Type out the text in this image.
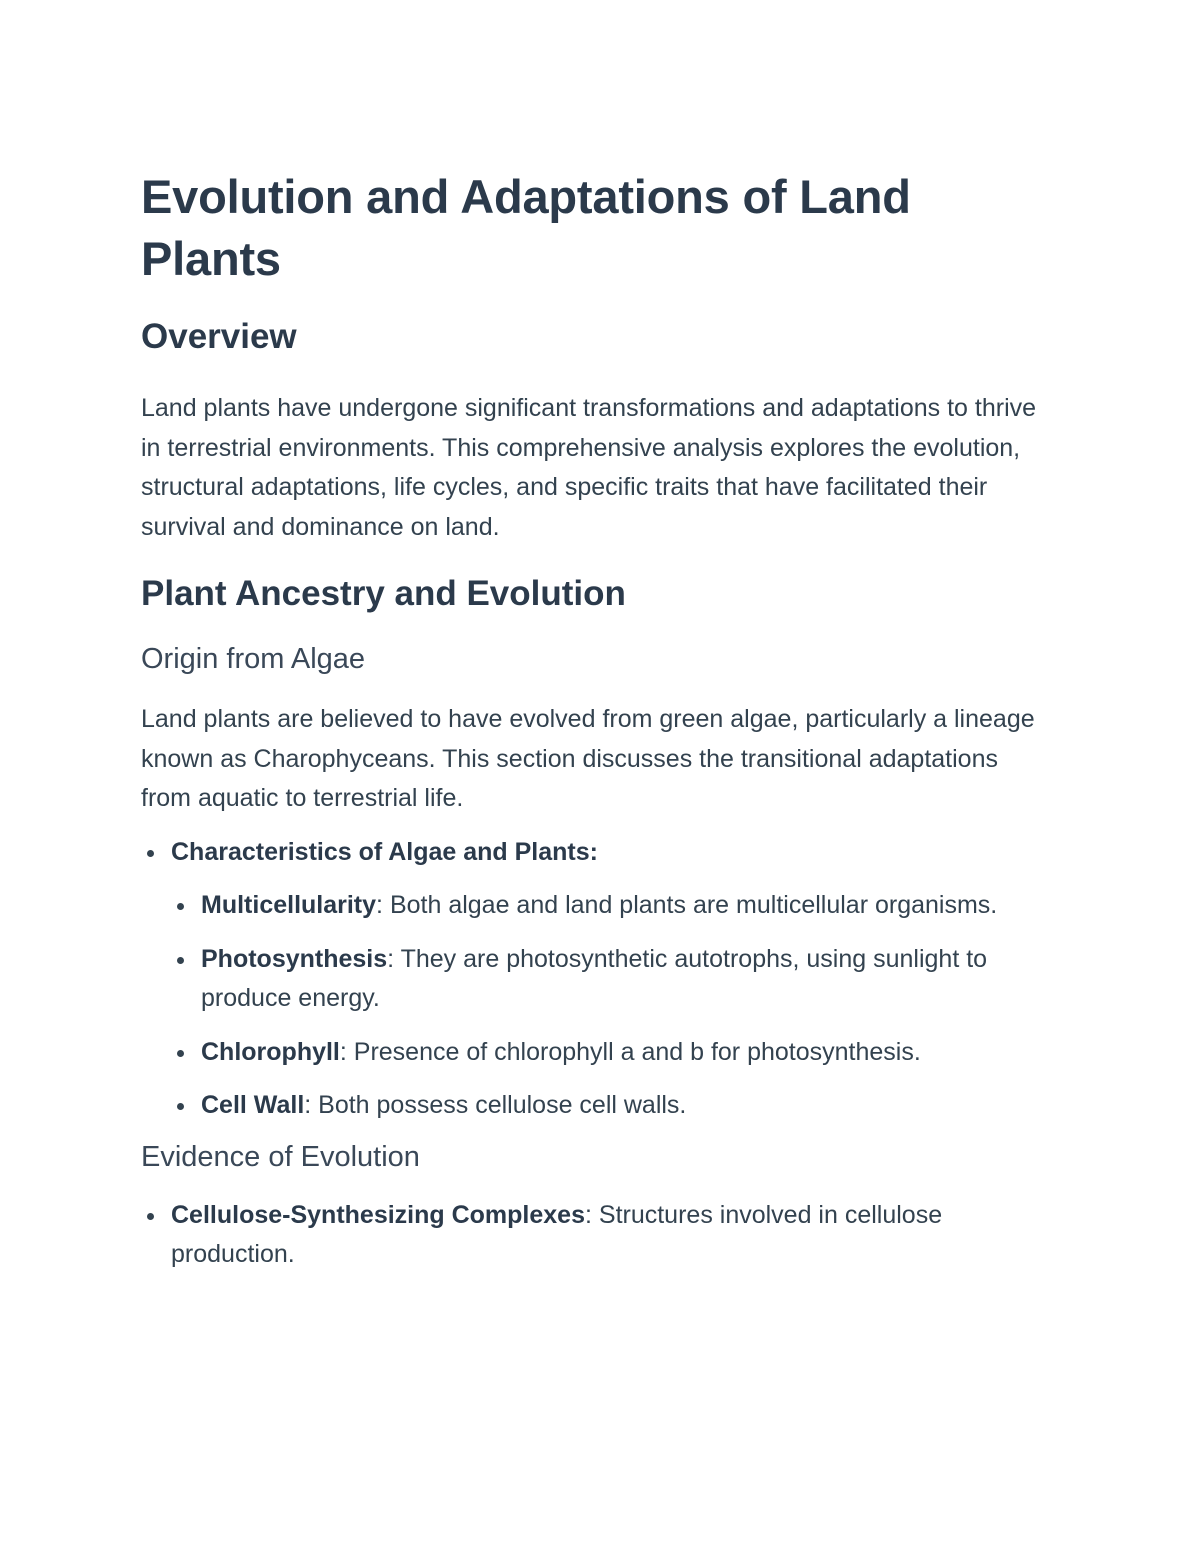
Evolution and Adaptations of Land Plants
Overview

Land plants have undergone significant transformations and adaptations to thrive in terrestrial environments. This comprehensive analysis explores the evolution, structural adaptations, life cycles, and specific traits that have facilitated their survival and dominance on land.

Plant Ancestry and Evolution
Origin from Algae

Land plants are believed to have evolved from green algae, particularly a lineage known as Charophyceans. This section discusses the transitional adaptations from aquatic to terrestrial life.

Characteristics of Algae and Plants:
Multicellularity: Both algae and land plants are multicellular organisms.
Photosynthesis: They are photosynthetic autotrophs, using sunlight to produce energy.
Chlorophyll: Presence of chlorophyll a and b for photosynthesis.
Cell Wall: Both possess cellulose cell walls.
Evidence of Evolution
Cellulose-Synthesizing Complexes: Structures involved in cellulose production.
